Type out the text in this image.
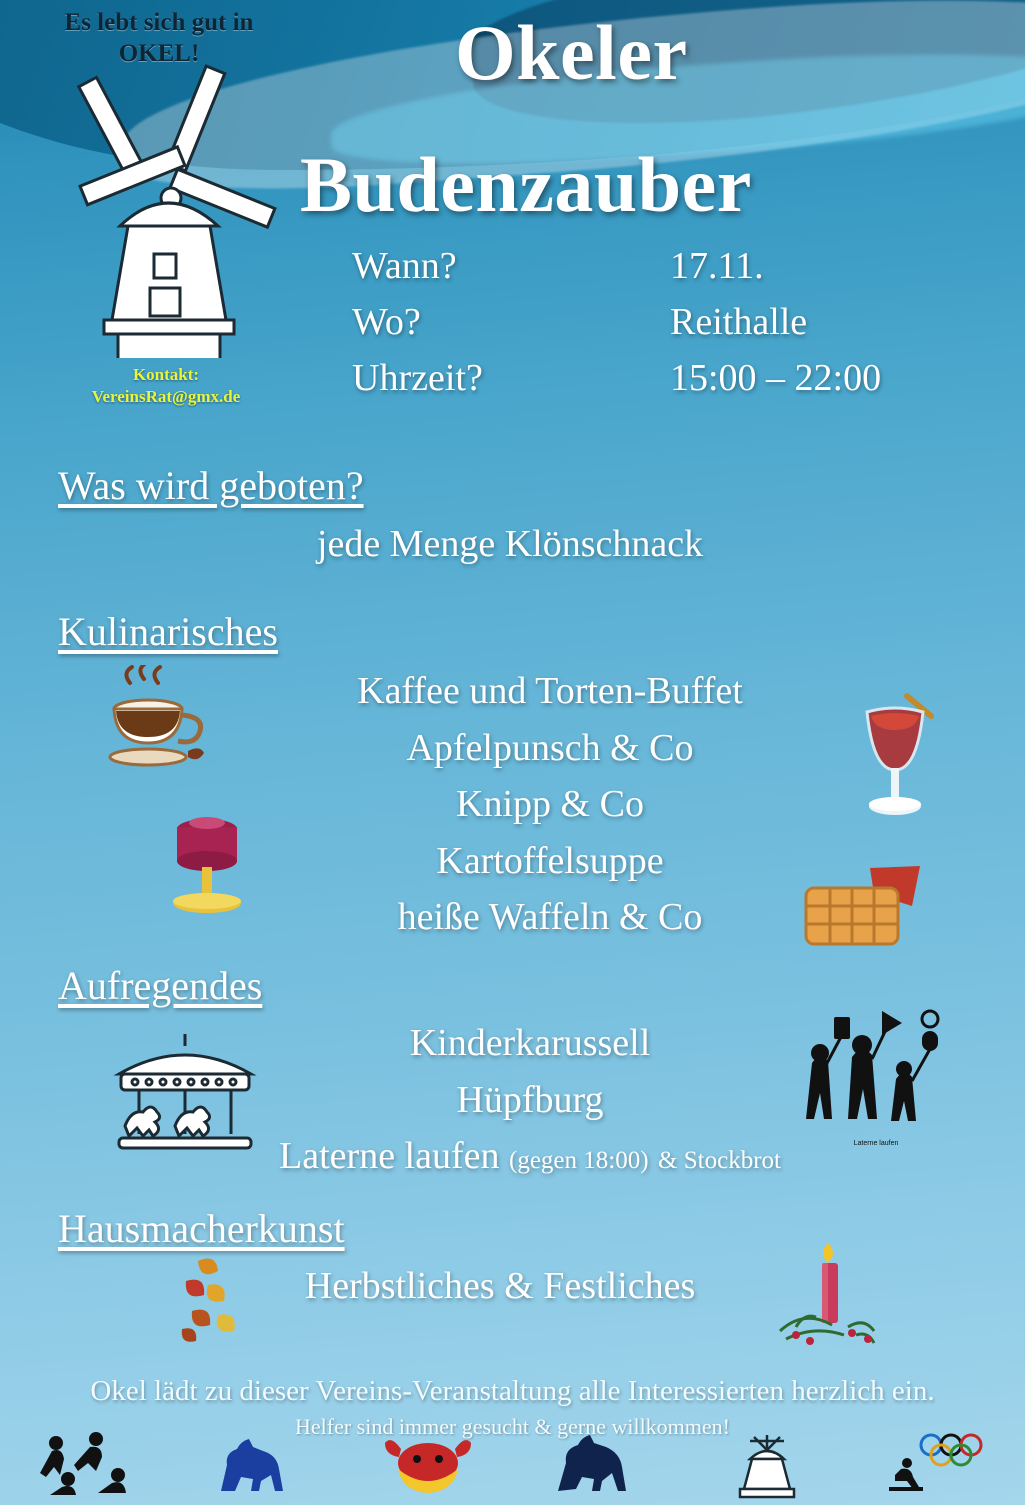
Es lebt sich gut in OKEL!
Kontakt:
VereinsRat@gmx.de
Okeler
Budenzauber
Wann?	17.11.
Wo?	Reithalle
Uhrzeit?	15:00 – 22:00
Was wird geboten?
jede Menge Klönschnack
Kulinarisches
Kaffee und Torten-Buffet
Apfelpunsch & Co
Knipp & Co
Kartoffelsuppe
heiße Waffeln & Co
Aufregendes
Kinderkarussell
Hüpfburg
Laterne laufen (gegen 18:00) & Stockbrot
Laterne laufen
Hausmacherkunst
Herbstliches & Festliches
Okel lädt zu dieser Vereins-Veranstaltung alle Interessierten herzlich ein.
Helfer sind immer gesucht & gerne willkommen!
